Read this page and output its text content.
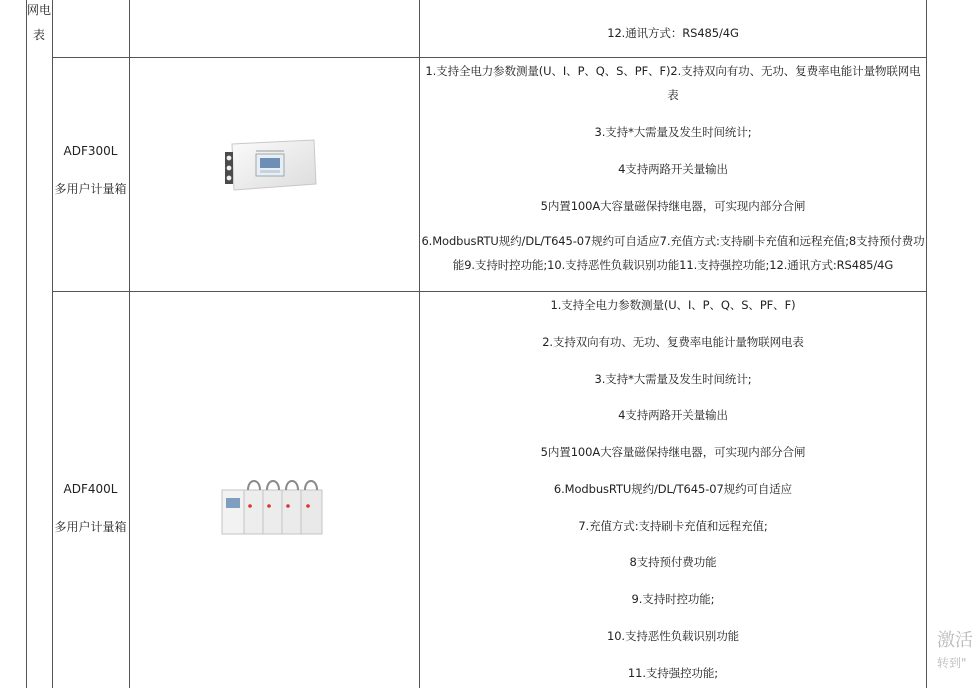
网电
表	12.通讯方式：RS485/4G
ADF300L
多用户计量箱
1.支持全电力参数测量(U、I、P、Q、S、PF、F)2.支持双向有功、无功、复费率电能计量物联网电表
3.支持*大需量及发生时间统计;
4支持两路开关量输出
5内置100A大容量磁保持继电器，可实现内部分合闸
6.ModbusRTU规约/DL/T645-07规约可自适应7.充值方式:支持刷卡充值和远程充值;8支持预付费功能9.支持时控功能;10.支持恶性负载识别功能11.支持强控功能;12.通讯方式:RS485/4G
ADF400L
多用户计量箱
1.支持全电力参数测量(U、I、P、Q、S、PF、F)
2.支持双向有功、无功、复费率电能计量物联网电表
3.支持*大需量及发生时间统计;
4支持两路开关量输出
5内置100A大容量磁保持继电器，可实现内部分合闸
6.ModbusRTU规约/DL/T645-07规约可自适应
7.充值方式:支持刷卡充值和远程充值;
8支持预付费功能
9.支持时控功能;
10.支持恶性负载识别功能
11.支持强控功能;
激活
转到"
